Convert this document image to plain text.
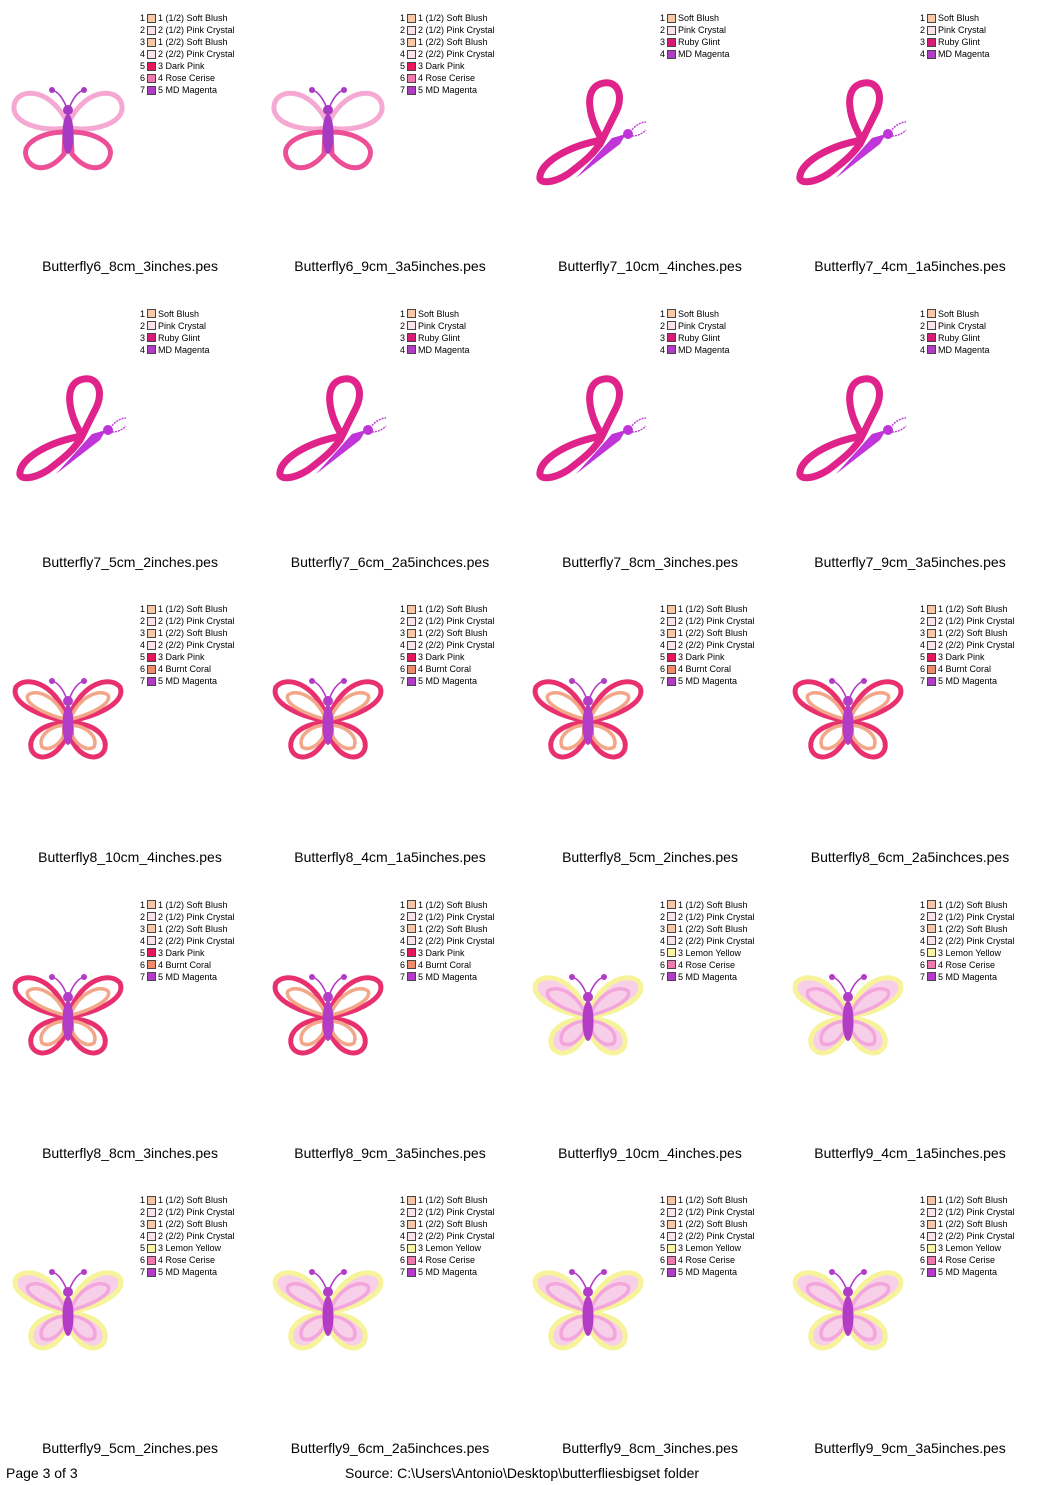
1 1 (1/2) Soft Blush
2 2 (1/2) Pink Crystal
3 1 (2/2) Soft Blush
4 2 (2/2) Pink Crystal
5 3 Dark Pink
6 4 Rose Cerise
7 5 MD Magenta
Butterfly6_8cm_3inches.pes
1 1 (1/2) Soft Blush
2 2 (1/2) Pink Crystal
3 1 (2/2) Soft Blush
4 2 (2/2) Pink Crystal
5 3 Dark Pink
6 4 Rose Cerise
7 5 MD Magenta
Butterfly6_9cm_3a5inches.pes
1 Soft Blush
2 Pink Crystal
3 Ruby Glint
4 MD Magenta
Butterfly7_10cm_4inches.pes
1 Soft Blush
2 Pink Crystal
3 Ruby Glint
4 MD Magenta
Butterfly7_4cm_1a5inches.pes
1 Soft Blush
2 Pink Crystal
3 Ruby Glint
4 MD Magenta
Butterfly7_5cm_2inches.pes
1 Soft Blush
2 Pink Crystal
3 Ruby Glint
4 MD Magenta
Butterfly7_6cm_2a5inchces.pes
1 Soft Blush
2 Pink Crystal
3 Ruby Glint
4 MD Magenta
Butterfly7_8cm_3inches.pes
1 Soft Blush
2 Pink Crystal
3 Ruby Glint
4 MD Magenta
Butterfly7_9cm_3a5inches.pes
1 1 (1/2) Soft Blush
2 2 (1/2) Pink Crystal
3 1 (2/2) Soft Blush
4 2 (2/2) Pink Crystal
5 3 Dark Pink
6 4 Burnt Coral
7 5 MD Magenta
Butterfly8_10cm_4inches.pes
1 1 (1/2) Soft Blush
2 2 (1/2) Pink Crystal
3 1 (2/2) Soft Blush
4 2 (2/2) Pink Crystal
5 3 Dark Pink
6 4 Burnt Coral
7 5 MD Magenta
Butterfly8_4cm_1a5inches.pes
1 1 (1/2) Soft Blush
2 2 (1/2) Pink Crystal
3 1 (2/2) Soft Blush
4 2 (2/2) Pink Crystal
5 3 Dark Pink
6 4 Burnt Coral
7 5 MD Magenta
Butterfly8_5cm_2inches.pes
1 1 (1/2) Soft Blush
2 2 (1/2) Pink Crystal
3 1 (2/2) Soft Blush
4 2 (2/2) Pink Crystal
5 3 Dark Pink
6 4 Burnt Coral
7 5 MD Magenta
Butterfly8_6cm_2a5inchces.pes
1 1 (1/2) Soft Blush
2 2 (1/2) Pink Crystal
3 1 (2/2) Soft Blush
4 2 (2/2) Pink Crystal
5 3 Dark Pink
6 4 Burnt Coral
7 5 MD Magenta
Butterfly8_8cm_3inches.pes
1 1 (1/2) Soft Blush
2 2 (1/2) Pink Crystal
3 1 (2/2) Soft Blush
4 2 (2/2) Pink Crystal
5 3 Dark Pink
6 4 Burnt Coral
7 5 MD Magenta
Butterfly8_9cm_3a5inches.pes
1 1 (1/2) Soft Blush
2 2 (1/2) Pink Crystal
3 1 (2/2) Soft Blush
4 2 (2/2) Pink Crystal
5 3 Lemon Yellow
6 4 Rose Cerise
7 5 MD Magenta
Butterfly9_10cm_4inches.pes
1 1 (1/2) Soft Blush
2 2 (1/2) Pink Crystal
3 1 (2/2) Soft Blush
4 2 (2/2) Pink Crystal
5 3 Lemon Yellow
6 4 Rose Cerise
7 5 MD Magenta
Butterfly9_4cm_1a5inches.pes
1 1 (1/2) Soft Blush
2 2 (1/2) Pink Crystal
3 1 (2/2) Soft Blush
4 2 (2/2) Pink Crystal
5 3 Lemon Yellow
6 4 Rose Cerise
7 5 MD Magenta
Butterfly9_5cm_2inches.pes
1 1 (1/2) Soft Blush
2 2 (1/2) Pink Crystal
3 1 (2/2) Soft Blush
4 2 (2/2) Pink Crystal
5 3 Lemon Yellow
6 4 Rose Cerise
7 5 MD Magenta
Butterfly9_6cm_2a5inchces.pes
1 1 (1/2) Soft Blush
2 2 (1/2) Pink Crystal
3 1 (2/2) Soft Blush
4 2 (2/2) Pink Crystal
5 3 Lemon Yellow
6 4 Rose Cerise
7 5 MD Magenta
Butterfly9_8cm_3inches.pes
1 1 (1/2) Soft Blush
2 2 (1/2) Pink Crystal
3 1 (2/2) Soft Blush
4 2 (2/2) Pink Crystal
5 3 Lemon Yellow
6 4 Rose Cerise
7 5 MD Magenta
Butterfly9_9cm_3a5inches.pes
Page 3 of 3	Source: C:\Users\Antonio\Desktop\butterfliesbigset folder
